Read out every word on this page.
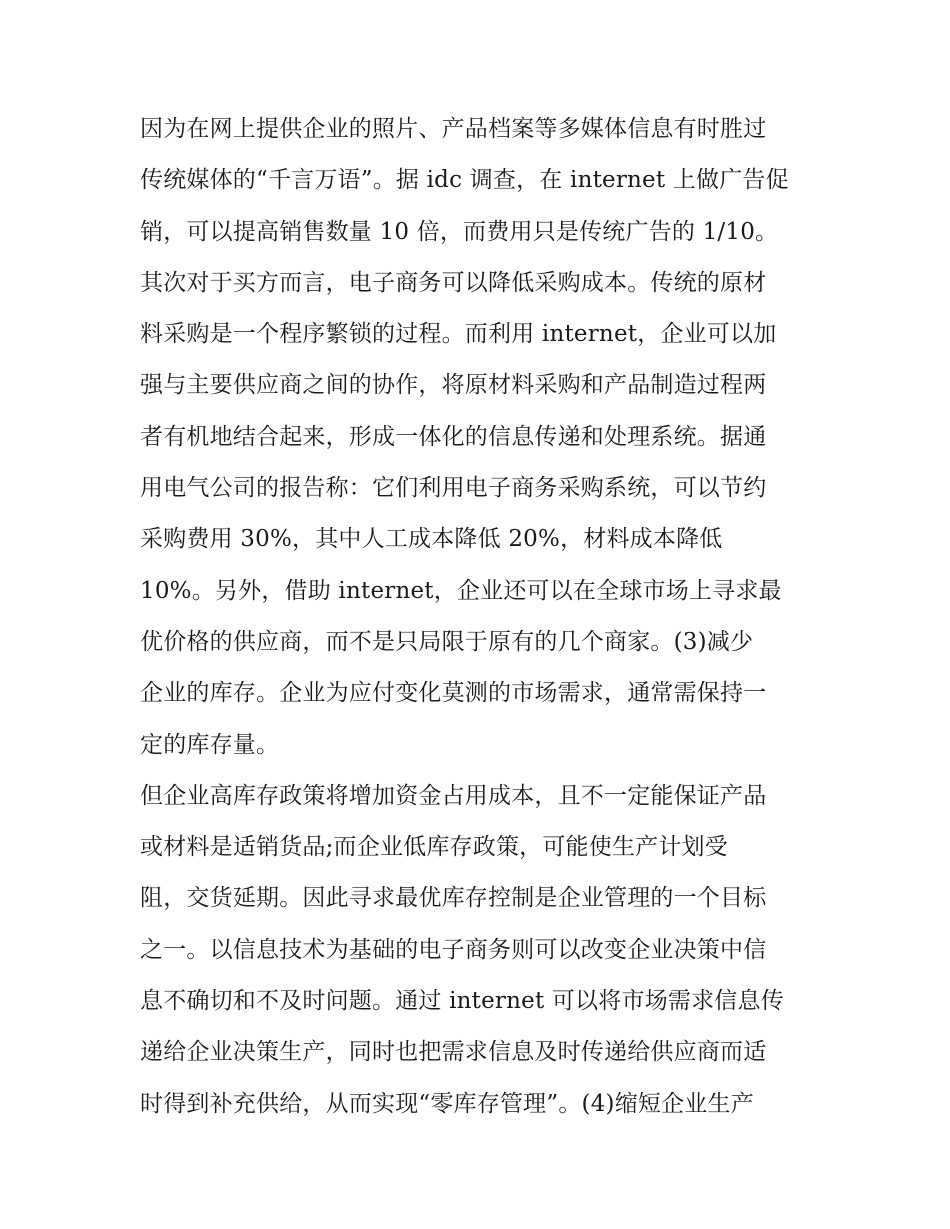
因为在网上提供企业的照片、产品档案等多媒体信息有时胜过
传统媒体的“千言万语”。据 idc 调查，在 internet 上做广告促
销，可以提高销售数量 10 倍，而费用只是传统广告的 1/10。
其次对于买方而言，电子商务可以降低采购成本。传统的原材
料采购是一个程序繁锁的过程。而利用 internet，企业可以加
强与主要供应商之间的协作，将原材料采购和产品制造过程两
者有机地结合起来，形成一体化的信息传递和处理系统。据通
用电气公司的报告称：它们利用电子商务采购系统，可以节约
采购费用 30%，其中人工成本降低 20%，材料成本降低
10%。另外，借助 internet，企业还可以在全球市场上寻求最
优价格的供应商，而不是只局限于原有的几个商家。(3)减少
企业的库存。企业为应付变化莫测的市场需求，通常需保持一
定的库存量。
但企业高库存政策将增加资金占用成本，且不一定能保证产品
或材料是适销货品;而企业低库存政策，可能使生产计划受
阻，交货延期。因此寻求最优库存控制是企业管理的一个目标
之一。以信息技术为基础的电子商务则可以改变企业决策中信
息不确切和不及时问题。通过 internet 可以将市场需求信息传
递给企业决策生产，同时也把需求信息及时传递给供应商而适
时得到补充供给，从而实现“零库存管理”。(4)缩短企业生产
